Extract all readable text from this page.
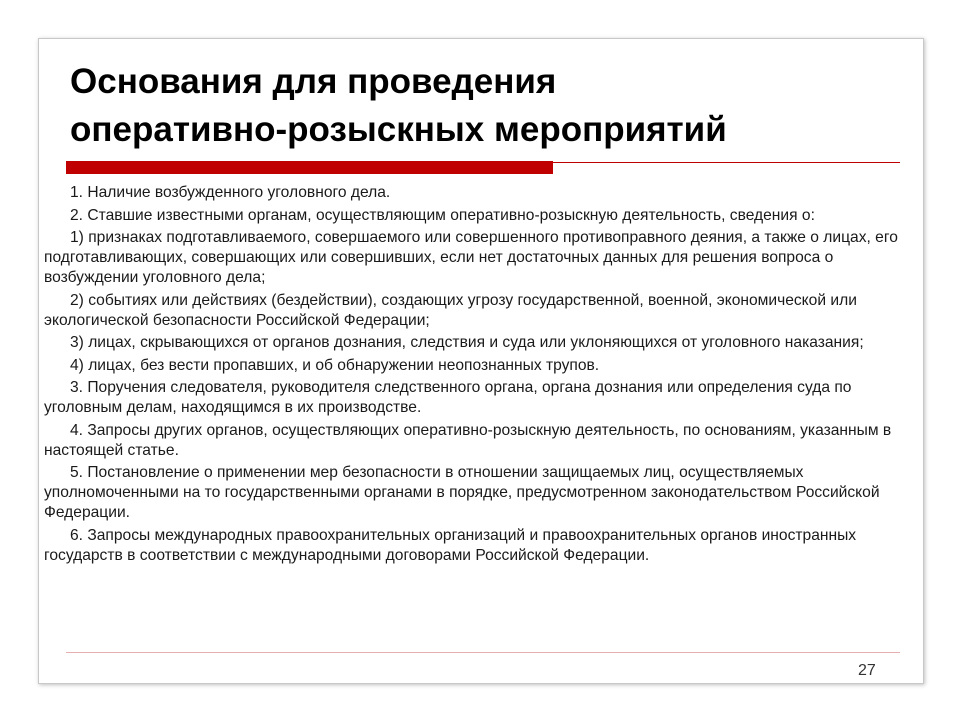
Основания для проведения
оперативно-розыскных мероприятий
1. Наличие возбужденного уголовного дела.
2. Ставшие известными органам, осуществляющим оперативно-розыскную деятельность, сведения о:
1) признаках подготавливаемого, совершаемого или совершенного противоправного деяния, а также о лицах, его подготавливающих, совершающих или совершивших, если нет достаточных данных для решения вопроса о возбуждении уголовного дела;
2) событиях или действиях (бездействии), создающих угрозу государственной, военной, экономической или экологической безопасности Российской Федерации;
3) лицах, скрывающихся от органов дознания, следствия и суда или уклоняющихся от уголовного наказания;
4) лицах, без вести пропавших, и об обнаружении неопознанных трупов.
3. Поручения следователя, руководителя следственного органа, органа дознания или определения суда по уголовным делам, находящимся в их производстве.
4. Запросы других органов, осуществляющих оперативно-розыскную деятельность, по основаниям, указанным в настоящей статье.
5. Постановление о применении мер безопасности в отношении защищаемых лиц, осуществляемых уполномоченными на то государственными органами в порядке, предусмотренном законодательством Российской Федерации.
6. Запросы международных правоохранительных организаций и правоохранительных органов иностранных государств в соответствии с международными договорами Российской Федерации.
27
